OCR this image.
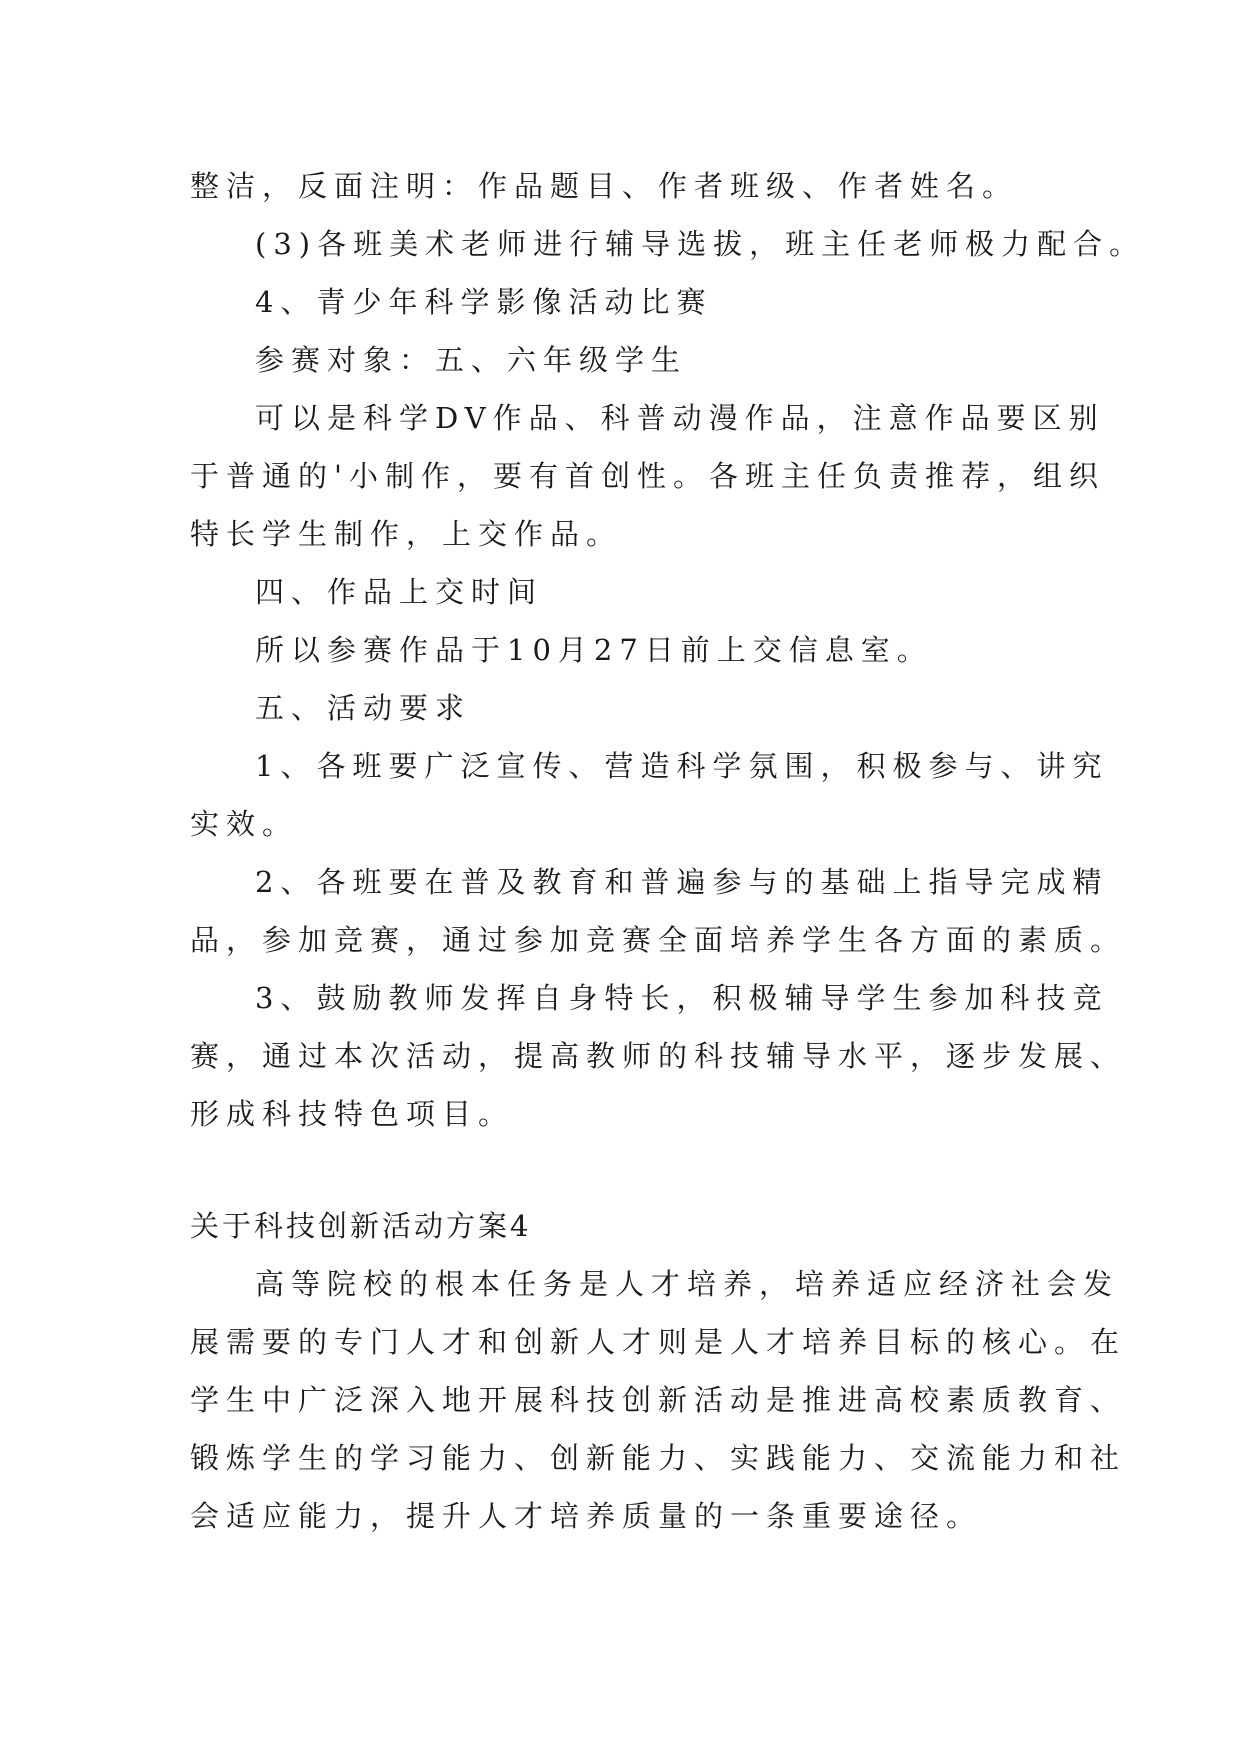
整洁，反面注明：作品题目、作者班级、作者姓名。
(3)各班美术老师进行辅导选拔，班主任老师极力配合。
4、青少年科学影像活动比赛
参赛对象：五、六年级学生
可以是科学DV作品、科普动漫作品，注意作品要区别
于普通的'小制作，要有首创性。各班主任负责推荐，组织
特长学生制作，上交作品。
四、作品上交时间
所以参赛作品于10月27日前上交信息室。
五、活动要求
1、各班要广泛宣传、营造科学氛围，积极参与、讲究
实效。
2、各班要在普及教育和普遍参与的基础上指导完成精
品，参加竞赛，通过参加竞赛全面培养学生各方面的素质。
3、鼓励教师发挥自身特长，积极辅导学生参加科技竞
赛，通过本次活动，提高教师的科技辅导水平，逐步发展、
形成科技特色项目。
关于科技创新活动方案4
高等院校的根本任务是人才培养，培养适应经济社会发
展需要的专门人才和创新人才则是人才培养目标的核心。在
学生中广泛深入地开展科技创新活动是推进高校素质教育、
锻炼学生的学习能力、创新能力、实践能力、交流能力和社
会适应能力，提升人才培养质量的一条重要途径。
